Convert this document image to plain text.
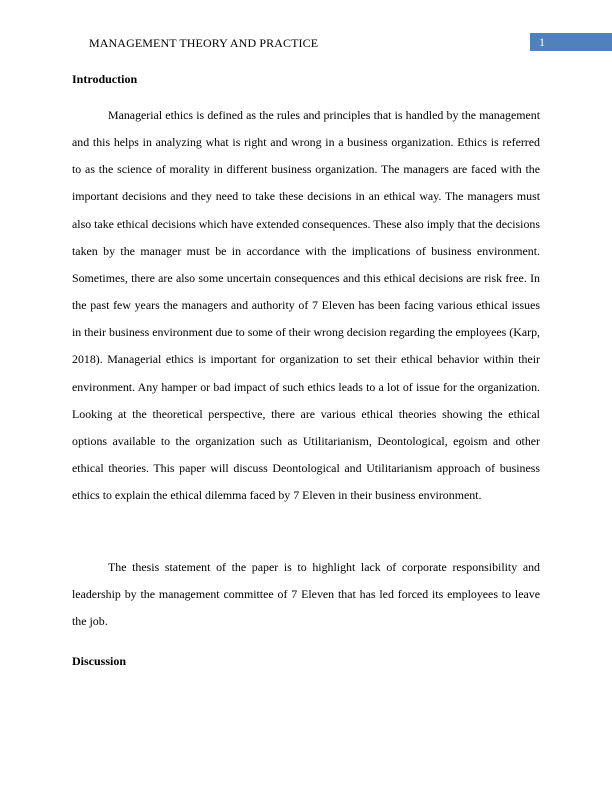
MANAGEMENT THEORY AND PRACTICE	1
Introduction

Managerial ethics is defined as the rules and principles that is handled by the management and this helps in analyzing what is right and wrong in a business organization. Ethics is referred to as the science of morality in different business organization. The managers are faced with the important decisions and they need to take these decisions in an ethical way. The managers must also take ethical decisions which have extended consequences. These also imply that the decisions taken by the manager must be in accordance with the implications of business environment. Sometimes, there are also some uncertain consequences and this ethical decisions are risk free. In the past few years the managers and authority of 7 Eleven has been facing various ethical issues in their business environment due to some of their wrong decision regarding the employees (Karp, 2018). Managerial ethics is important for organization to set their ethical behavior within their environment. Any hamper or bad impact of such ethics leads to a lot of issue for the organization. Looking at the theoretical perspective, there are various ethical theories showing the ethical options available to the organization such as Utilitarianism, Deontological, egoism and other ethical theories. This paper will discuss Deontological and Utilitarianism approach of business ethics to explain the ethical dilemma faced by 7 Eleven in their business environment.

The thesis statement of the paper is to highlight lack of corporate responsibility and leadership by the management committee of 7 Eleven that has led forced its employees to leave the job.

Discussion
